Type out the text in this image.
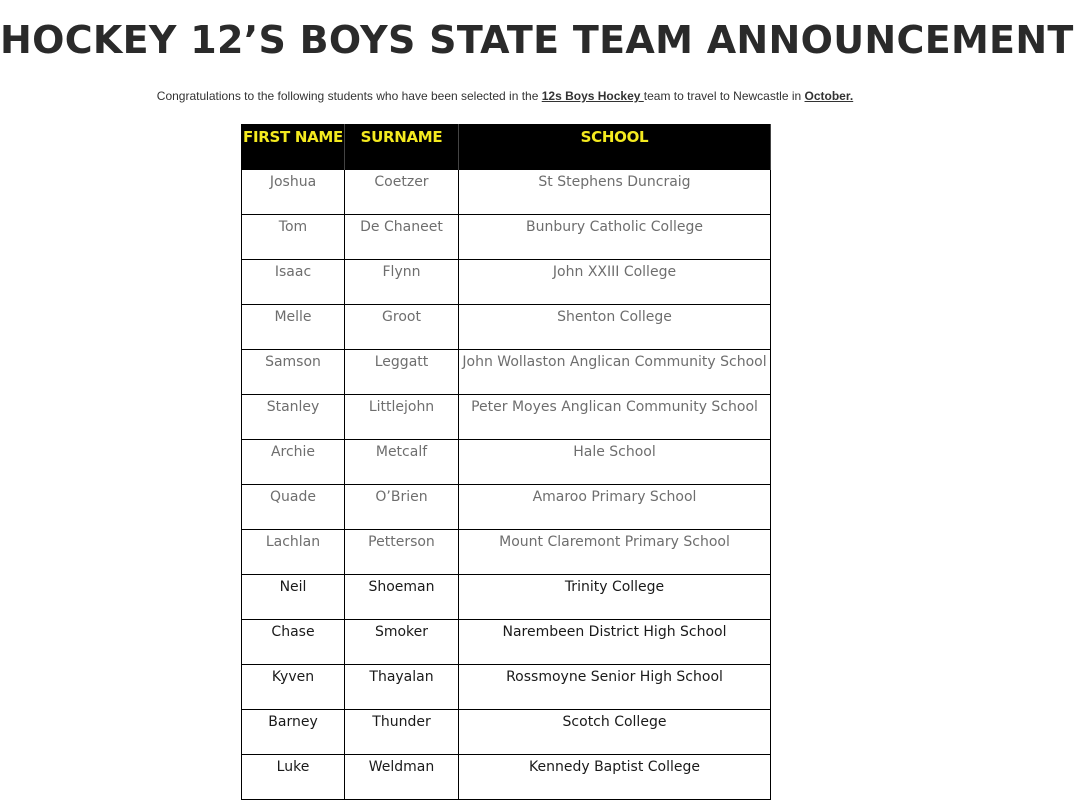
HOCKEY 12’S BOYS STATE TEAM ANNOUNCEMENT
Congratulations to the following students who have been selected in the 12s Boys Hockey team to travel to Newcastle in October.
FIRST NAME	SURNAME	SCHOOL
Joshua	Coetzer	St Stephens Duncraig
Tom	De Chaneet	Bunbury Catholic College
Isaac	Flynn	John XXIII College
Melle	Groot	Shenton College
Samson	Leggatt	John Wollaston Anglican Community School
Stanley	Littlejohn	Peter Moyes Anglican Community School
Archie	Metcalf	Hale School
Quade	O’Brien	Amaroo Primary School
Lachlan	Petterson	Mount Claremont Primary School
Neil	Shoeman	Trinity College
Chase	Smoker	Narembeen District High School
Kyven	Thayalan	Rossmoyne Senior High School
Barney	Thunder	Scotch College
Luke	Weldman	Kennedy Baptist College
